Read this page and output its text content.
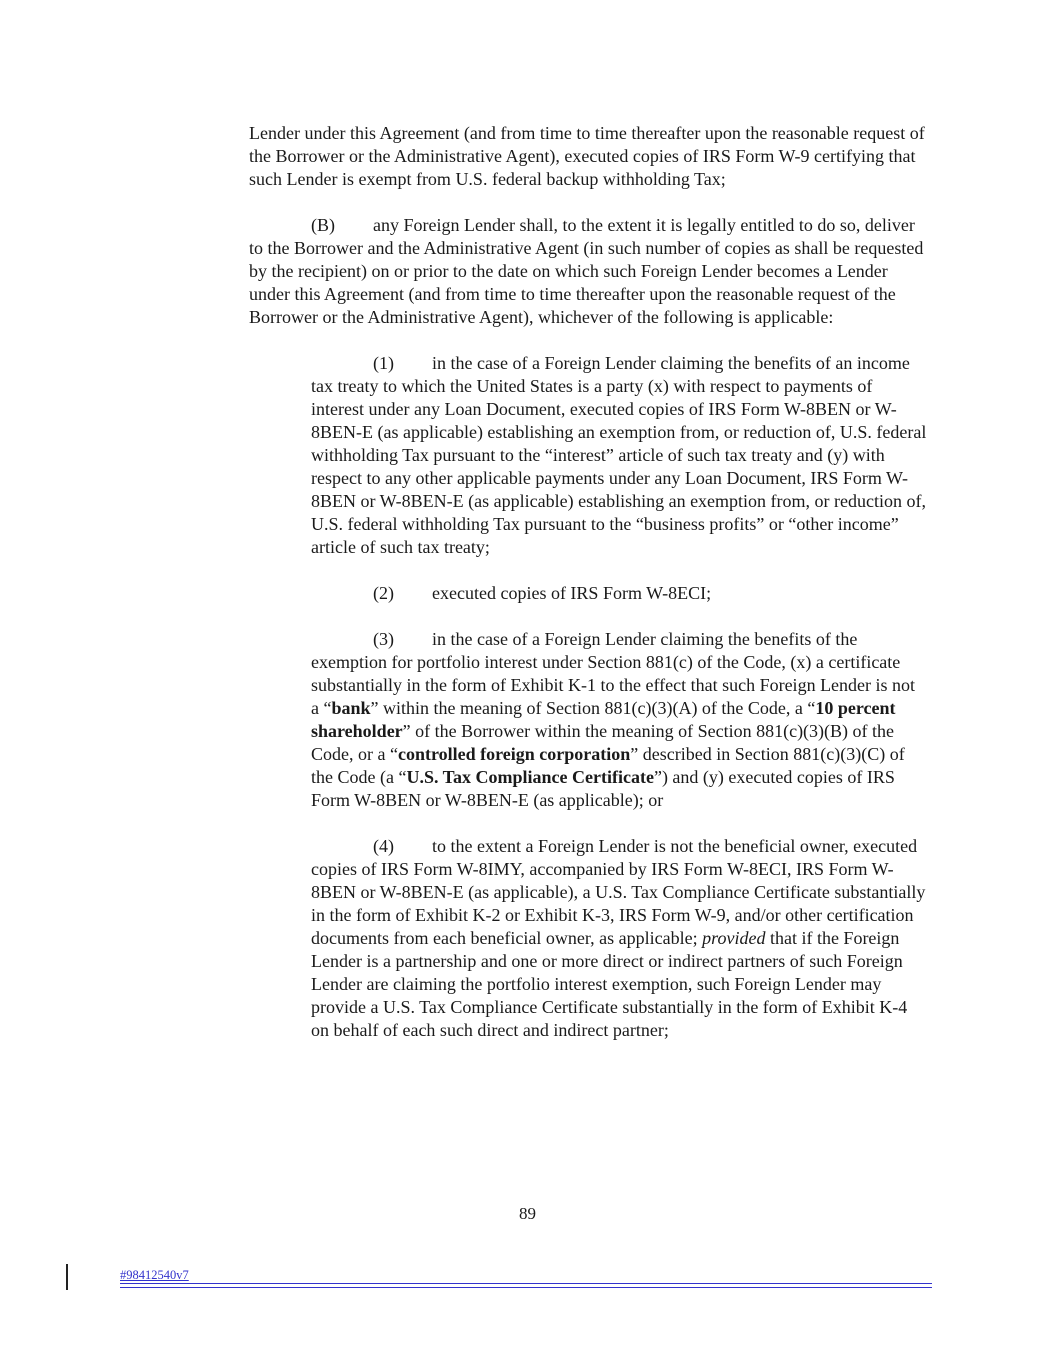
Lender under this Agreement (and from time to time thereafter upon the reasonable request of the Borrower or the Administrative Agent), executed copies of IRS Form W-9 certifying that such Lender is exempt from U.S. federal backup withholding Tax;
(B) any Foreign Lender shall, to the extent it is legally entitled to do so, deliver to the Borrower and the Administrative Agent (in such number of copies as shall be requested by the recipient) on or prior to the date on which such Foreign Lender becomes a Lender under this Agreement (and from time to time thereafter upon the reasonable request of the Borrower or the Administrative Agent), whichever of the following is applicable:
(1) in the case of a Foreign Lender claiming the benefits of an income tax treaty to which the United States is a party (x) with respect to payments of interest under any Loan Document, executed copies of IRS Form W-8BEN or W-8BEN-E (as applicable) establishing an exemption from, or reduction of, U.S. federal withholding Tax pursuant to the “interest” article of such tax treaty and (y) with respect to any other applicable payments under any Loan Document, IRS Form W-8BEN or W-8BEN-E (as applicable) establishing an exemption from, or reduction of, U.S. federal withholding Tax pursuant to the “business profits” or “other income” article of such tax treaty;
(2) executed copies of IRS Form W-8ECI;
(3) in the case of a Foreign Lender claiming the benefits of the exemption for portfolio interest under Section 881(c) of the Code, (x) a certificate substantially in the form of Exhibit K-1 to the effect that such Foreign Lender is not a “bank” within the meaning of Section 881(c)(3)(A) of the Code, a “10 percent shareholder” of the Borrower within the meaning of Section 881(c)(3)(B) of the Code, or a “controlled foreign corporation” described in Section 881(c)(3)(C) of the Code (a “U.S. Tax Compliance Certificate”) and (y) executed copies of IRS Form W-8BEN or W-8BEN-E (as applicable); or
(4) to the extent a Foreign Lender is not the beneficial owner, executed copies of IRS Form W-8IMY, accompanied by IRS Form W-8ECI, IRS Form W-8BEN or W-8BEN-E (as applicable), a U.S. Tax Compliance Certificate substantially in the form of Exhibit K-2 or Exhibit K-3, IRS Form W-9, and/or other certification documents from each beneficial owner, as applicable; provided that if the Foreign Lender is a partnership and one or more direct or indirect partners of such Foreign Lender are claiming the portfolio interest exemption, such Foreign Lender may provide a U.S. Tax Compliance Certificate substantially in the form of Exhibit K-4 on behalf of each such direct and indirect partner;
89
#98412540v7
